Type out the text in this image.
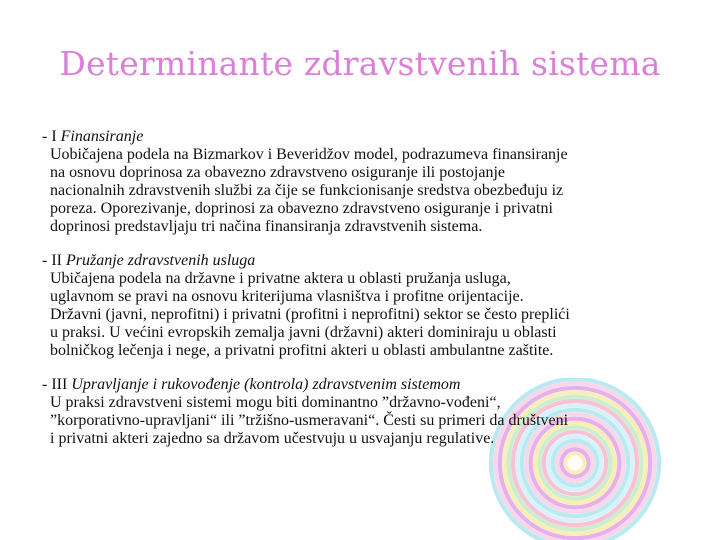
Determinante zdravstvenih sistema
- I Finansiranje
Uobičajena podela na Bizmarkov i Beveridžov model, podrazumeva finansiranje
na osnovu doprinosa za obavezno zdravstveno osiguranje ili postojanje
nacionalnih zdravstvenih službi za čije se funkcionisanje sredstva obezbeđuju iz
poreza. Oporezivanje, doprinosi za obavezno zdravstveno osiguranje i privatni
doprinosi predstavljaju tri načina finansiranja zdravstvenih sistema.
- II Pružanje zdravstvenih usluga
Ubičajena podela na državne i privatne aktera u oblasti pružanja usluga,
uglavnom se pravi na osnovu kriterijuma vlasništva i profitne orijentacije.
Državni (javni, neprofitni) i privatni (profitni i neprofitni) sektor se često preplići
u praksi. U većini evropskih zemalja javni (državni) akteri dominiraju u oblasti
bolničkog lečenja i nege, a privatni profitni akteri u oblasti ambulantne zaštite.
- III Upravljanje i rukovođenje (kontrola) zdravstvenim sistemom
U praksi zdravstveni sistemi mogu biti dominantno ”državno-vođeni“,
”korporativno-upravljani“ ili ”tržišno-usmeravani“. Česti su primeri da društveni
i privatni akteri zajedno sa državom učestvuju u usvajanju regulative.
